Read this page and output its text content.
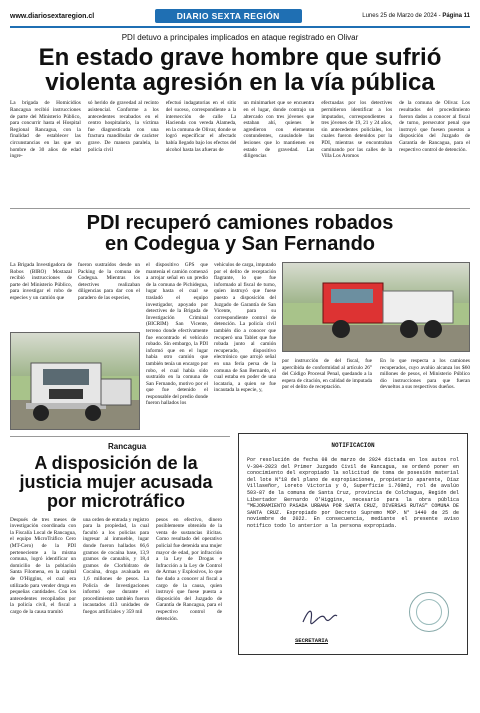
www.diariosextaregion.cl	DIARIO SEXTA REGIÓN	Lunes 25 de Marzo de 2024 - Página 11
PDI detuvo a principales implicados en ataque registrado en Olivar
En estado grave hombre que sufrió
violenta agresión en la vía pública
La brigada de Homicidios Rancagua recibió instrucciones de parte del Ministerio Público, para concurrir hasta el Hospital Regional Rancagua, con la finalidad de establecer las circunstancias en las que un hombre de 30 años de edad ingre-
só herido de gravedad al recinto asistencial. Conforme a los antecedentes recabados en el centro hospitalario, la víctima fue diagnosticada con una fractura mandibular de carácter grave. De manera paralela, la policía civil
efectuó indagatorias en el sitio del suceso, correspondiente a la intersección de calle La Hacienda con vereda Alameda, en la comuna de Olivar, donde se logró especificar el afectado había llegado bajo los efectos del alcohol hasta las afueras de
un minimarket que se encuentra en el lugar, donde contrajo un altercado con tres jóvenes que estaban ahí, quienes le agredieron con elementos contundentes, causándole las lesiones que lo mantienen en estado de gravedad. Las diligencias
efectuadas por los detectives permitieron identificar a los imputados, correspondientes a tres jóvenes de 19, 21 y 24 años, sin antecedentes policiales, los cuales fueron detenidos por la PDI, mientras se encontraban caminando por las calles de la Villa Los Aromos
de la comuna de Olivar. Los resultados del procedimiento fueron dados a conocer al fiscal de turno, persecutor penal que instruyó que fuesen puestos a disposición del Juzgado de Garantía de Rancagua, para el respectivo control de detención.
PDI recuperó camiones robados
en Codegua y San Fernando
La Brigada Investigadora de Robos (BIRO) Mostazal recibió instrucciones de parte del Ministerio Público, para investigar el robo de especies y un camión que
fueron sustraídos desde un Packing de la comuna de Codegua. Mientras los detectives realizaban diligencias para dar con el paradero de las especies,
el dispositivo GPS que mantenía el camión comenzó a arrojar señal en un predio de la comuna de Pichidegua, lugar hasta el cual se trasladó el equipo investigador, apoyado por detectives de la Brigada de Investigación Criminal (BICRIM) San Vicente, terreno donde efectivamente fue encontrado el vehículo robado. Sin embargo, la PDI informó que en el lugar había otro camión que también tenía un encargo por robo, el cual había sido sustraído en la comuna de San Fernando, motivo por el que fue detenido el responsable del predio donde fueron hallados los
vehículos de carga, imputado por el delito de receptación flagrante, lo que fue informado al fiscal de turno, quien instruyó que fuese puesto a disposición del Juzgado de Garantía de San Vicente, para su correspondiente control de detención. La policía civil también dio a conocer que recuperó una Tablet que fue robada junto al camión recuperado, dispositivo electrónico que arrojó señal en una feria persa de la comuna de San Bernardo, el cual estaba en poder de una locataria, a quien se fue incautada la especie, y,
por instrucción de del fiscal, fue apercibida de conformidad al artículo 26° del Código Procesal Penal, quedando a la espera de citación, en calidad de imputada por el delito de receptación.
En lo que respecta a los camiones recuperados, cuyo avalúo alcanza los $60 millones de pesos, el Ministerio Público dio instrucciones para que fueran devueltos a sus respectivos dueños.
Rancagua
A disposición de la
justicia mujer acusada
por microtráfico
Después de tres meses de investigación coordinada con la Fiscalía Local de Rancagua, el equipo MicroTráfico Cero (MT-Cero) de la PDI perteneciente a la misma comuna, logró identificar un domicilio de la población Santa Filomena, en la capital de O'Higgins, el cual era utilizado para vender droga en pequeñas cantidades. Con los antecedentes recopilados por la policía civil, el fiscal a cargo de la causa tramitó
una orden de entrada y registro para la propiedad, la cual facultó a los policías para ingresar al inmueble, lugar donde fueron hallados 66,6 gramos de cocaína base, 13,9 gramos de cannabis, y 18,4 gramos de Clorhidrato de Cocaína, droga avaluada en 1,6 millones de pesos. La Policía de Investigaciones informó que durante el procedimiento también fueron incautados 413 unidades de fuegos artificiales y 359 mil
pesos en efectivo, dinero posiblemente obtenido de la venta de sustancias ilícitas. Como resultado del operativo policial fue detenida una mujer mayor de edad, por infracción a la Ley de Drogas e Infracción a la Ley de Control de Armas y Explosivos, lo que fue dado a conocer al fiscal a cargo de la causa, quien instruyó que fuese puesta a disposición del Juzgado de Garantía de Rancagua, para el respectivo control de detención.
NOTIFICACION
Por resolución de fecha 08 de marzo de 2024 dictada en los autos rol V-304-2023 del Primer Juzgado Civil de Rancagua, se ordenó poner en conocimiento del expropiado la solicitud de toma de posesión material del lote N°18 del plano de expropiaciones, propietario aparente, Díaz Villaseñor, Loreto Victoria y O, Superficie 1.769m2, rol de avalúo 503-87 de la comuna de Santa Cruz, provincia de Colchagua, Región del Libertador Bernardo O'Higgins, necesario para la obra pública "MEJORAMIENTO PASADA URBANA POR SANTA CRUZ, DIVERSAS RUTAS" COMUNA DE SANTA CRUZ. Expropiado por Decreto Supremo MOP. N° 1440 de 25 de noviembre de 2022. En consecuencia, mediante el presente aviso notifico todo lo anterior a la persona expropiada.
SECRETARIA
